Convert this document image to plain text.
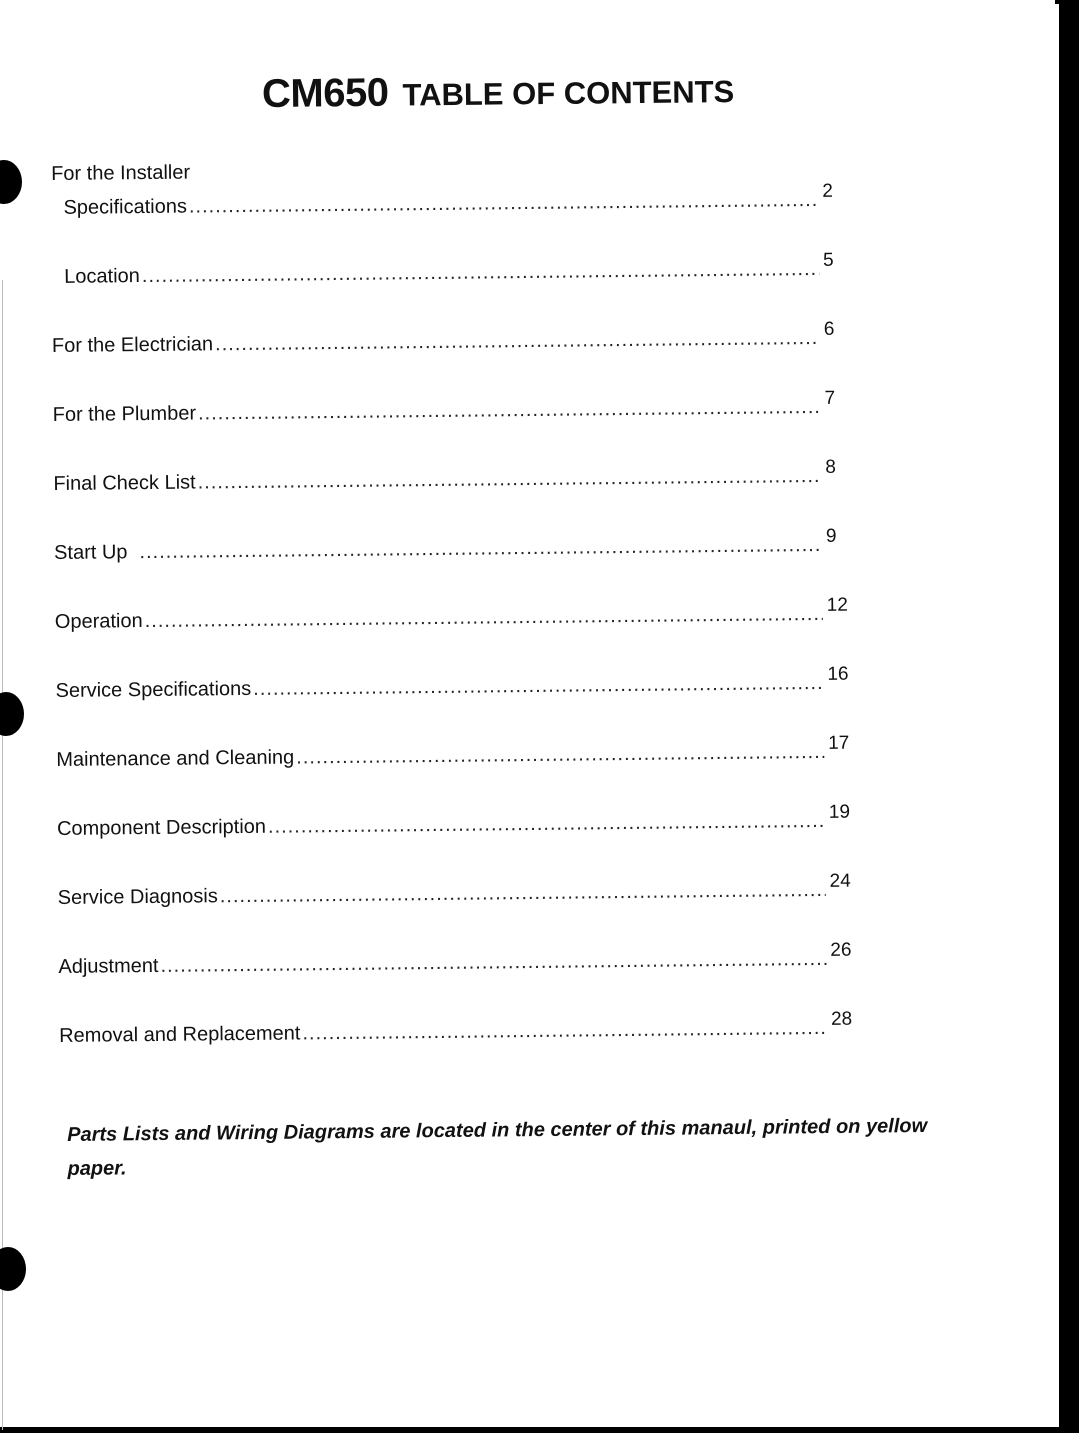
CM650 TABLE OF CONTENTS
For the Installer
Specifications
.....
2
Location
.....
5
For the Electrician
.....
6
For the Plumber
.....
7
Final Check List
.....
8
Start Up
.....
9
Operation
.....
12
Service Specifications
.....
16
Maintenance and Cleaning
.....
17
Component Description
.....
19
Service Diagnosis
.....
24
Adjustment
.....
26
Removal and Replacement
.....
28
Parts Lists and Wiring Diagrams are located in the center of this manaul, printed on yellow paper.
